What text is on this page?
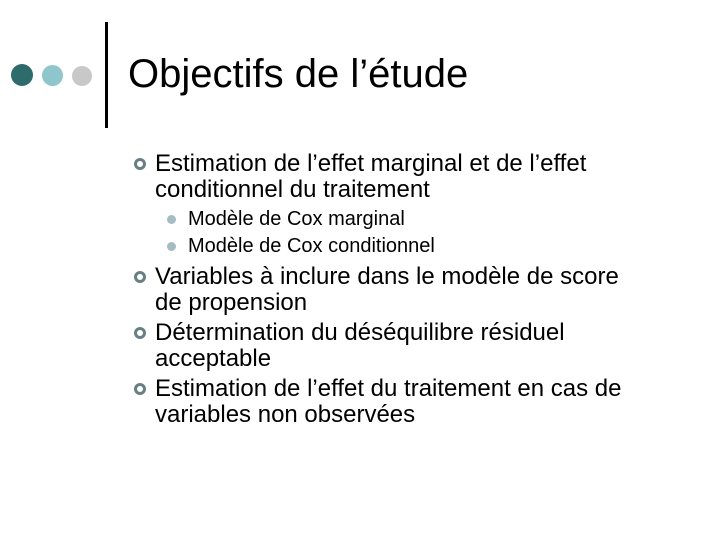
Objectifs de l’étude
Estimation de l’effet marginal et de l’effet
conditionnel du traitement
Modèle de Cox marginal
Modèle de Cox conditionnel
Variables à inclure dans le modèle de score
de propension
Détermination du déséquilibre résiduel
acceptable
Estimation de l’effet du traitement en cas de
variables non observées
